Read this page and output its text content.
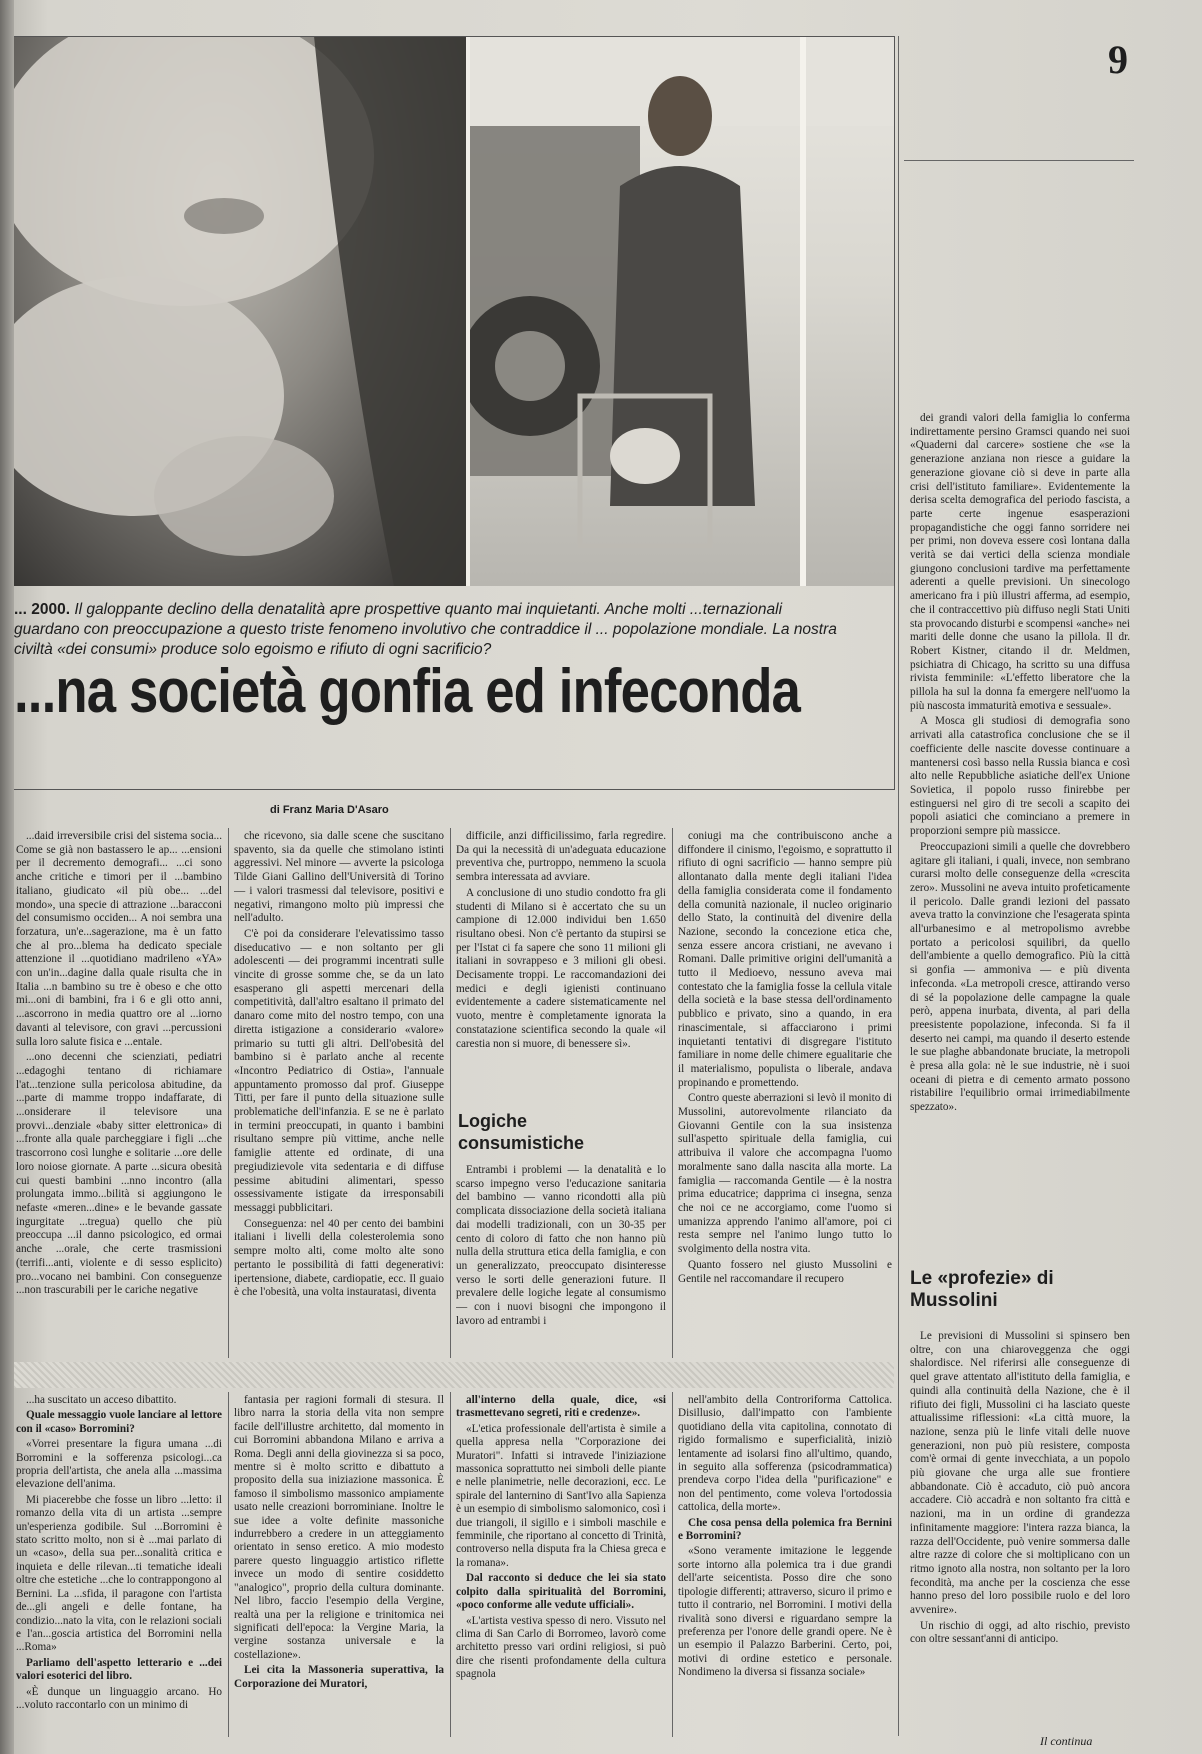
9
... 2000. Il galoppante declino della denatalità apre prospettive quanto mai inquietanti. Anche molti ...ternazionali guardano con preoccupazione a questo triste fenomeno involutivo che contraddice il ... popolazione mondiale. La nostra civiltà «dei consumi» produce solo egoismo e rifiuto di ogni sacrificio?
...na società gonfia ed infeconda
di Franz Maria D'Asaro

...daid irreversibile crisi del sistema socia... Come se già non bastassero le ap... ...ensioni per il decremento demografi... ...ci sono anche critiche e timori per il ...bambino italiano, giudicato «il più obe... ...del mondo», una specie di attrazione ...baracconi del consumismo occiden... A noi sembra una forzatura, un'e...sagerazione, ma è un fatto che al pro...blema ha dedicato speciale attenzione il ...quotidiano madrileno «YA» con un'in...dagine dalla quale risulta che in Italia ...n bambino su tre è obeso e che otto mi...oni di bambini, fra i 6 e gli otto anni, ...ascorrono in media quattro ore al ...iorno davanti al televisore, con gravi ...percussioni sulla loro salute fisica e ...entale.

...ono decenni che scienziati, pediatri ...edagoghi tentano di richiamare l'at...tenzione sulla pericolosa abitudine, da ...parte di mamme troppo indaffarate, di ...onsiderare il televisore una provvi...denziale «baby sitter elettronica» di ...fronte alla quale parcheggiare i figli ...che trascorrono così lunghe e solitarie ...ore delle loro noiose giornate. A parte ...sicura obesità cui questi bambini ...nno incontro (alla prolungata immo...bilità si aggiungono le nefaste «meren...dine» e le bevande gassate ingurgitate ...tregua) quello che più preoccupa ...il danno psicologico, ed ormai anche ...orale, che certe trasmissioni (terrifi...anti, violente e di sesso esplicito) pro...vocano nei bambini. Con conseguenze ...non trascurabili per le cariche negative

che ricevono, sia dalle scene che suscitano spavento, sia da quelle che stimolano istinti aggressivi. Nel minore — avverte la psicologa Tilde Giani Gallino dell'Università di Torino — i valori trasmessi dal televisore, positivi e negativi, rimangono molto più impressi che nell'adulto.

C'è poi da considerare l'elevatissimo tasso diseducativo — e non soltanto per gli adolescenti — dei programmi incentrati sulle vincite di grosse somme che, se da un lato esasperano gli aspetti mercenari della competitività, dall'altro esaltano il primato del danaro come mito del nostro tempo, con una diretta istigazione a considerario «valore» primario su tutti gli altri. Dell'obesità del bambino si è parlato anche al recente «Incontro Pediatrico di Ostia», l'annuale appuntamento promosso dal prof. Giuseppe Titti, per fare il punto della situazione sulle problematiche dell'infanzia. E se ne è parlato in termini preoccupati, in quanto i bambini risultano sempre più vittime, anche nelle famiglie attente ed ordinate, di una pregiudizievole vita sedentaria e di diffuse pessime abitudini alimentari, spesso ossessivamente istigate da irresponsabili messaggi pubblicitari.

Conseguenza: nel 40 per cento dei bambini italiani i livelli della colesterolemia sono sempre molto alti, come molto alte sono pertanto le possibilità di fatti degenerativi: ipertensione, diabete, cardiopatie, ecc. Il guaio è che l'obesità, una volta instauratasi, diventa

difficile, anzi difficilissimo, farla regredire. Da qui la necessità di un'adeguata educazione preventiva che, purtroppo, nemmeno la scuola sembra interessata ad avviare.

A conclusione di uno studio condotto fra gli studenti di Milano si è accertato che su un campione di 12.000 individui ben 1.650 risultano obesi. Non c'è pertanto da stupirsi se per l'Istat ci fa sapere che sono 11 milioni gli italiani in sovrappeso e 3 milioni gli obesi. Decisamente troppi. Le raccomandazioni dei medici e degli igienisti continuano evidentemente a cadere sistematicamente nel vuoto, mentre è completamente ignorata la constatazione scientifica secondo la quale «il carestia non si muore, di benessere sì».

Logiche consumistiche

Entrambi i problemi — la denatalità e lo scarso impegno verso l'educazione sanitaria del bambino — vanno ricondotti alla più complicata dissociazione della società italiana dai modelli tradizionali, con un 30-35 per cento di coloro di fatto che non hanno più nulla della struttura etica della famiglia, e con un generalizzato, preoccupato disinteresse verso le sorti delle generazioni future. Il prevalere delle logiche legate al consumismo — con i nuovi bisogni che impongono il lavoro ad entrambi i

coniugi ma che contribuiscono anche a diffondere il cinismo, l'egoismo, e soprattutto il rifiuto di ogni sacrificio — hanno sempre più allontanato dalla mente degli italiani l'idea della famiglia considerata come il fondamento della comunità nazionale, il nucleo originario dello Stato, la continuità del divenire della Nazione, secondo la concezione etica che, senza essere ancora cristiani, ne avevano i Romani. Dalle primitive origini dell'umanità a tutto il Medioevo, nessuno aveva mai contestato che la famiglia fosse la cellula vitale della società e la base stessa dell'ordinamento pubblico e privato, sino a quando, in era rinascimentale, si affacciarono i primi inquietanti tentativi di disgregare l'istituto familiare in nome delle chimere egualitarie che il materialismo, populista o liberale, andava propinando e promettendo.

Contro queste aberrazioni si levò il monito di Mussolini, autorevolmente rilanciato da Giovanni Gentile con la sua insistenza sull'aspetto spirituale della famiglia, cui attribuiva il valore che accompagna l'uomo moralmente sano dalla nascita alla morte. La famiglia — raccomanda Gentile — è la nostra prima educatrice; dapprima ci insegna, senza che noi ce ne accorgiamo, come l'uomo si umanizza apprendo l'animo all'amore, poi ci resta sempre nel l'animo lungo tutto lo svolgimento della nostra vita.

Quanto fossero nel giusto Mussolini e Gentile nel raccomandare il recupero

dei grandi valori della famiglia lo conferma indirettamente persino Gramsci quando nei suoi «Quaderni dal carcere» sostiene che «se la generazione anziana non riesce a guidare la generazione giovane ciò si deve in parte alla crisi dell'istituto familiare». Evidentemente la derisa scelta demografica del periodo fascista, a parte certe ingenue esasperazioni propagandistiche che oggi fanno sorridere nei per primi, non doveva essere così lontana dalla verità se dai vertici della scienza mondiale giungono conclusioni tardive ma perfettamente aderenti a quelle previsioni. Un sinecologo americano fra i più illustri afferma, ad esempio, che il contraccettivo più diffuso negli Stati Uniti sta provocando disturbi e scompensi «anche» nei mariti delle donne che usano la pillola. Il dr. Robert Kistner, citando il dr. Meldmen, psichiatra di Chicago, ha scritto su una diffusa rivista femminile: «L'effetto liberatore che la pillola ha sul la donna fa emergere nell'uomo la più nascosta immaturità emotiva e sessuale».

A Mosca gli studiosi di demografia sono arrivati alla catastrofica conclusione che se il coefficiente delle nascite dovesse continuare a mantenersi così basso nella Russia bianca e così alto nelle Repubbliche asiatiche dell'ex Unione Sovietica, il popolo russo finirebbe per estinguersi nel giro di tre secoli a scapito dei popoli asiatici che cominciano a premere in proporzioni sempre più massicce.

Preoccupazioni simili a quelle che dovrebbero agitare gli italiani, i quali, invece, non sembrano curarsi molto delle conseguenze della «crescita zero». Mussolini ne aveva intuito profeticamente il pericolo. Dalle grandi lezioni del passato aveva tratto la convinzione che l'esagerata spinta all'urbanesimo e al metropolismo avrebbe portato a pericolosi squilibri, da quello dell'ambiente a quello demografico. Più la città si gonfia — ammoniva — e più diventa infeconda. «La metropoli cresce, attirando verso di sé la popolazione delle campagne la quale però, appena inurbata, diventa, al pari della preesistente popolazione, infeconda. Si fa il deserto nei campi, ma quando il deserto estende le sue plaghe abbandonate bruciate, la metropoli è presa alla gola: nè le sue industrie, nè i suoi oceani di pietra e di cemento armato possono ristabilire l'equilibrio ormai irrimediabilmente spezzato».

Le «profezie» di Mussolini

Le previsioni di Mussolini si spinsero ben oltre, con una chiaroveggenza che oggi shalordisce. Nel riferirsi alle conseguenze di quel grave attentato all'istituto della famiglia, e quindi alla continuità della Nazione, che è il rifiuto dei figli, Mussolini ci ha lasciato queste attualissime riflessioni: «La città muore, la nazione, senza più le linfe vitali delle nuove generazioni, non può più resistere, composta com'è ormai di gente invecchiata, a un popolo più giovane che urga alle sue frontiere abbandonate. Ciò è accaduto, ciò può ancora accadere. Ciò accadrà e non soltanto fra città e nazioni, ma in un ordine di grandezza infinitamente maggiore: l'intera razza bianca, la razza dell'Occidente, può venire sommersa dalle altre razze di colore che si moltiplicano con un ritmo ignoto alla nostra, non soltanto per la loro fecondità, ma anche per la coscienza che esse hanno preso del loro possibile ruolo e del loro avvenire».

Un rischio di oggi, ad alto rischio, previsto con oltre sessant'anni di anticipo.

Il continua

...ha suscitato un acceso dibattito.

Quale messaggio vuole lanciare al lettore con il «caso» Borromini?

«Vorrei presentare la figura umana ...di Borromini e la sofferenza psicologi...ca propria dell'artista, che anela alla ...massima elevazione dell'anima.

Mi piacerebbe che fosse un libro ...letto: il romanzo della vita di un artista ...sempre un'esperienza godibile. Sul ...Borromini è stato scritto molto, non si è ...mai parlato di un «caso», della sua per...sonalità critica e inquieta e delle rilevan...ti tematiche ideali oltre che estetiche ...che lo contrappongono al Bernini. La ...sfida, il paragone con l'artista de...gli angeli e delle fontane, ha condizio...nato la vita, con le relazioni sociali e l'an...goscia artistica del Borromini nella ...Roma»

Parliamo dell'aspetto letterario e ...dei valori esoterici del libro.

«È dunque un linguaggio arcano. Ho ...voluto raccontarlo con un minimo di

fantasia per ragioni formali di stesura. Il libro narra la storia della vita non sempre facile dell'illustre architetto, dal momento in cui Borromini abbandona Milano e arriva a Roma. Degli anni della giovinezza si sa poco, mentre si è molto scritto e dibattuto a proposito della sua iniziazione massonica. È famoso il simbolismo massonico ampiamente usato nelle creazioni borrominiane. Inoltre le sue idee a volte definite massoniche indurrebbero a credere in un atteggiamento orientato in senso eretico. A mio modesto parere questo linguaggio artistico riflette invece un modo di sentire cosiddetto "analogico", proprio della cultura dominante. Nel libro, faccio l'esempio della Vergine, realtà una per la religione e trinitomica nei significati dell'epoca: la Vergine Maria, la vergine sostanza universale e la costellazione».

Lei cita la Massoneria superattiva, la Corporazione dei Muratori,

all'interno della quale, dice, «si trasmettevano segreti, riti e credenze».

«L'etica professionale dell'artista è simile a quella appresa nella "Corporazione dei Muratori". Infatti si intravede l'iniziazione massonica soprattutto nei simboli delle piante e nelle planimetrie, nelle decorazioni, ecc. Le spirale del lanternino di Sant'Ivo alla Sapienza è un esempio di simbolismo salomonico, così i due triangoli, il sigillo e i simboli maschile e femminile, che riportano al concetto di Trinità, controverso nella disputa fra la Chiesa greca e la romana».

Dal racconto si deduce che lei sia stato colpito dalla spiritualità del Borromini, «poco conforme alle vedute ufficiali».

«L'artista vestiva spesso di nero. Vissuto nel clima di San Carlo di Borromeo, lavorò come architetto presso vari ordini religiosi, si può dire che risenti profondamente della cultura spagnola

nell'ambito della Controriforma Cattolica. Disillusio, dall'impatto con l'ambiente quotidiano della vita capitolina, connotato di rigido formalismo e superficialità, iniziò lentamente ad isolarsi fino all'ultimo, quando, in seguito alla sofferenza (psicodrammatica) prendeva corpo l'idea della "purificazione" e non del pentimento, come voleva l'ortodossia cattolica, della morte».

Che cosa pensa della polemica fra Bernini e Borromini?

«Sono veramente imitazione le leggende sorte intorno alla polemica tra i due grandi dell'arte seicentista. Posso dire che sono tipologie differenti; attraverso, sicuro il primo e tutto il contrario, nel Borromini. I motivi della rivalità sono diversi e riguardano sempre la preferenza per l'onore delle grandi opere. Ne è un esempio il Palazzo Barberini. Certo, poi, motivi di ordine estetico e personale. Nondimeno la diversa si fissanza sociale»
